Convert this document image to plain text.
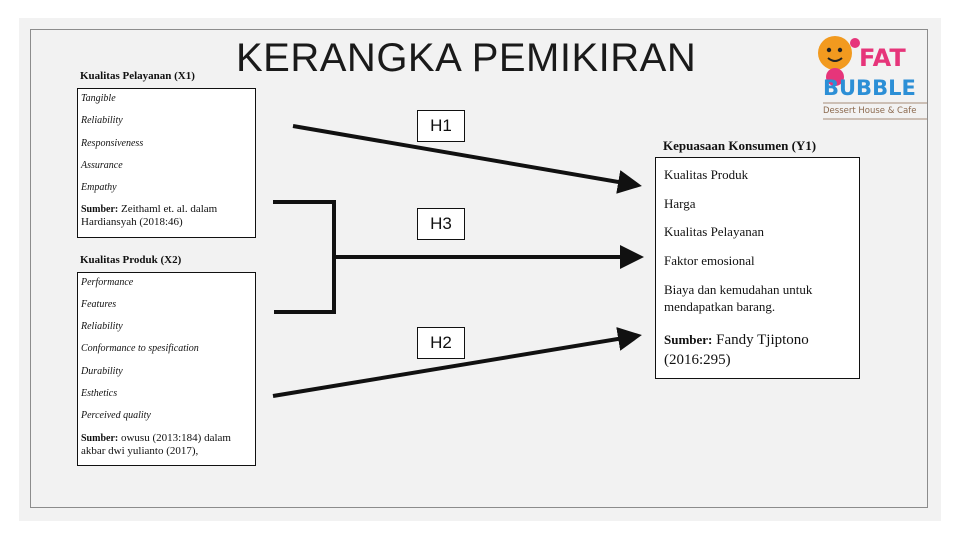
KERANGKA PEMIKIRAN
Kualitas Pelayanan (X1)
Tangible
Reliability
Responsiveness
Assurance
Empathy
Sumber: Zeithaml et. al. dalam
Hardiansyah (2018:46)
Kualitas Produk (X2)
Performance
Features
Reliability
Conformance to spesification
Durability
Esthetics
Perceived quality
Sumber: owusu (2013:184) dalam
akbar dwi yulianto (2017),
H1
H3
H2
Kepuasaan Konsumen (Y1)
Kualitas Produk
Harga
Kualitas Pelayanan
Faktor emosional
Biaya dan kemudahan untuk
mendapatkan barang.
Sumber: Fandy Tjiptono
(2016:295)
FAT
BUBBLE
Dessert House & Cafe
